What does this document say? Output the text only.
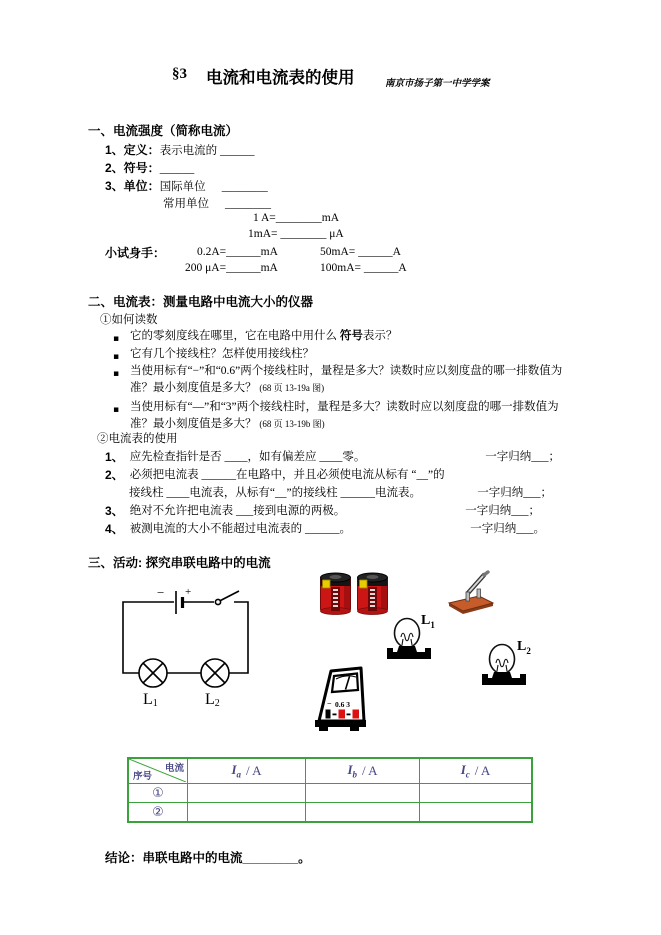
§3 电流和电流表的使用	南京市扬子第一中学学案
一、电流强度（简称电流）
1、定义：表示电流的 ______
2、符号：______
3、单位：国际单位 ________
常用单位 ________
1 A=________mA
1mA= ________ μA
小试身手：	0.2A=______mA	50mA= ______A
200 μA=______mA	100mA= ______A
二、电流表：测量电路中电流大小的仪器
①如何读数
▪ 它的零刻度线在哪里，它在电路中用什么 符号表示？
▪ 它有几个接线柱？怎样使用接线柱？
▪ 当使用标有“−”和“0.6”两个接线柱时，量程是多大？读数时应以刻度盘的哪一排数值为准？最小刻度值是多大？ (68 页 13-19a 图)
▪ 当使用标有“—”和“3”两个接线柱时，量程是多大？读数时应以刻度盘的哪一排数值为准？最小刻度值是多大？ (68 页 13-19b 图)
②电流表的使用
1、 应先检查指针是否 ____，如有偏差应 ____零。	一字归纳___；
2、 必须把电流表 ______在电路中，并且必须使电流从标有 “__”的
接线柱 ____电流表，从标有“__”的接线柱 ______电流表。	一字归纳___；
3、 绝对不允许把电流表 ___接到电源的两极。	一字归纳___；
4、 被测电流的大小不能超过电流表的 ______。	一字归纳___。
三、活动: 探究串联电路中的电流
− +
L1	L2
$L_1$
$L_2$
− 0.6 3
电流
序号	$I_a$ / A	$I_b$ / A	$I_c$ / A
①
②
结论：串联电路中的电流________。
